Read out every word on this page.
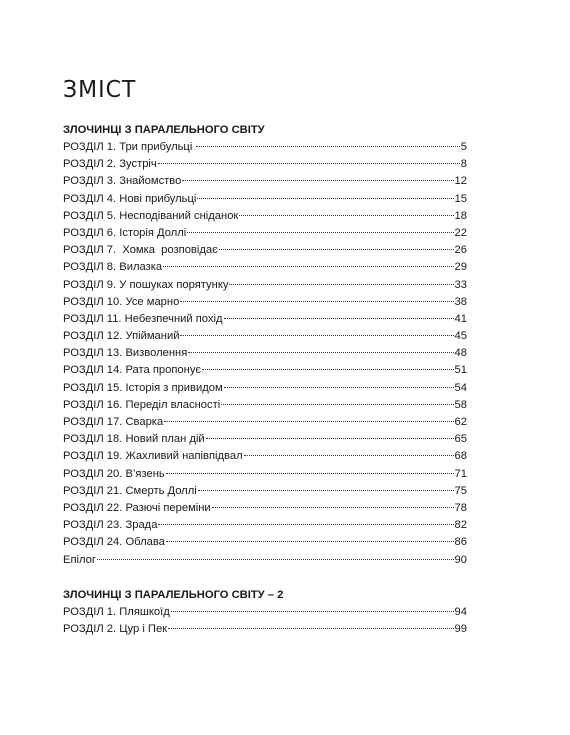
ЗМІСТ
ЗЛОЧИНЦІ З ПАРАЛЕЛЬНОГО СВІТУ
РОЗДІЛ 1. Три прибульці	5
РОЗДІЛ 2. Зустріч	8
РОЗДІЛ 3. Знайомство	12
РОЗДІЛ 4. Нові прибульці	15
РОЗДІЛ 5. Несподіваний сніданок	18
РОЗДІЛ 6. Історія Доллі	22
РОЗДІЛ 7.  Хомка  розповідає	26
РОЗДІЛ 8. Вилазка	29
РОЗДІЛ 9. У пошуках порятунку	33
РОЗДІЛ 10. Усе марно	38
РОЗДІЛ 11. Небезпечний похід	41
РОЗДІЛ 12. Упійманий	45
РОЗДІЛ 13. Визволення	48
РОЗДІЛ 14. Рата пропонує	51
РОЗДІЛ 15. Історія з привидом	54
РОЗДІЛ 16. Переділ власності	58
РОЗДІЛ 17. Сварка	62
РОЗДІЛ 18. Новий план дій	65
РОЗДІЛ 19. Жахливий напівпідвал	68
РОЗДІЛ 20. В’язень	71
РОЗДІЛ 21. Смерть Доллі	75
РОЗДІЛ 22. Разючі переміни	78
РОЗДІЛ 23. Зрада	82
РОЗДІЛ 24. Облава	86
Епілог	90
ЗЛОЧИНЦІ З ПАРАЛЕЛЬНОГО СВІТУ – 2
РОЗДІЛ 1. Пляшкоїд	94
РОЗДІЛ 2. Цур і Пек	99
